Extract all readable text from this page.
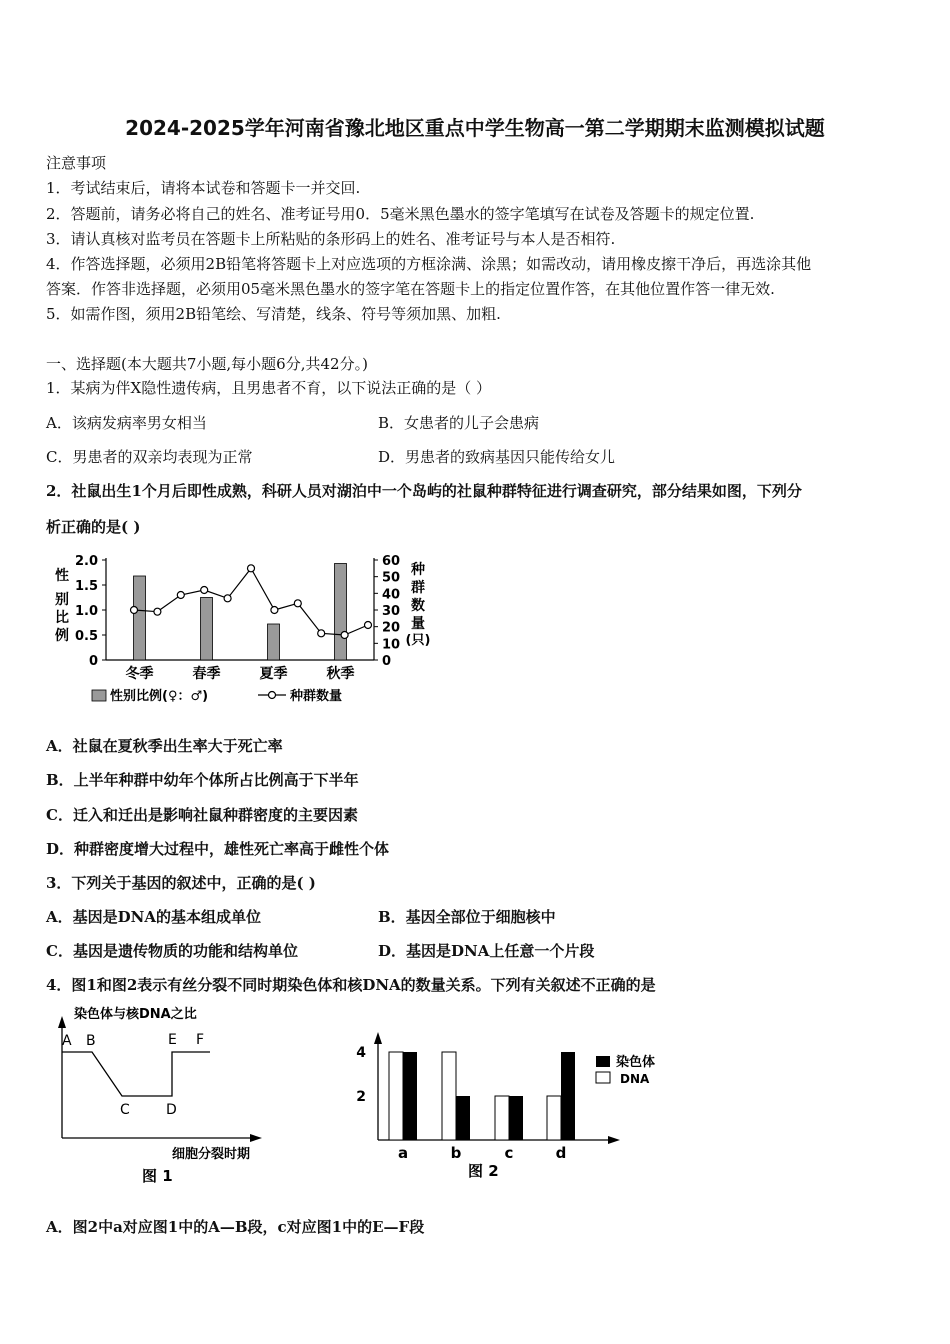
2024-2025学年河南省豫北地区重点中学生物高一第二学期期末监测模拟试题
注意事项
1．考试结束后，请将本试卷和答题卡一并交回.
2．答题前，请务必将自己的姓名、准考证号用0．5毫米黑色墨水的签字笔填写在试卷及答题卡的规定位置.
3．请认真核对监考员在答题卡上所粘贴的条形码上的姓名、准考证号与本人是否相符.
4．作答选择题，必须用2B铅笔将答题卡上对应选项的方框涂满、涂黑；如需改动，请用橡皮擦干净后，再选涂其他
答案．作答非选择题，必须用05毫米黑色墨水的签字笔在答题卡上的指定位置作答，在其他位置作答一律无效.
5．如需作图，须用2B铅笔绘、写清楚，线条、符号等须加黑、加粗.
一、选择题(本大题共7小题,每小题6分,共42分。)
1．某病为伴X隐性遗传病，且男患者不育，以下说法正确的是（ ）
A．该病发病率男女相当	B．女患者的儿子会患病
C．男患者的双亲均表现为正常	D．男患者的致病基因只能传给女儿
2．社鼠出生1个月后即性成熟，科研人员对湖泊中一个岛屿的社鼠种群特征进行调查研究，部分结果如图，下列分
析正确的是( )
性
别
比
例
种
群
数
量
(只)
0
0.5
1.0
1.5
2.0
0
10
20
30
40
50
60
冬季	春季	夏季	秋季
性别比例(♀：♂)	种群数量
A．社鼠在夏秋季出生率大于死亡率
B．上半年种群中幼年个体所占比例高于下半年
C．迁入和迁出是影响社鼠种群密度的主要因素
D．种群密度增大过程中，雄性死亡率高于雌性个体
3．下列关于基因的叙述中，正确的是( )
A．基因是DNA的基本组成单位	B．基因全部位于细胞核中
C．基因是遗传物质的功能和结构单位	D．基因是DNA上任意一个片段
4．图1和图2表示有丝分裂不同时期染色体和核DNA的数量关系。下列有关叙述不正确的是
染色体与核DNA之比
A B
C	D
E F
细胞分裂时期
图 1
2
4
a	b	c	d
染色体
DNA
图 2
A．图2中a对应图1中的A—B段，c对应图1中的E—F段
